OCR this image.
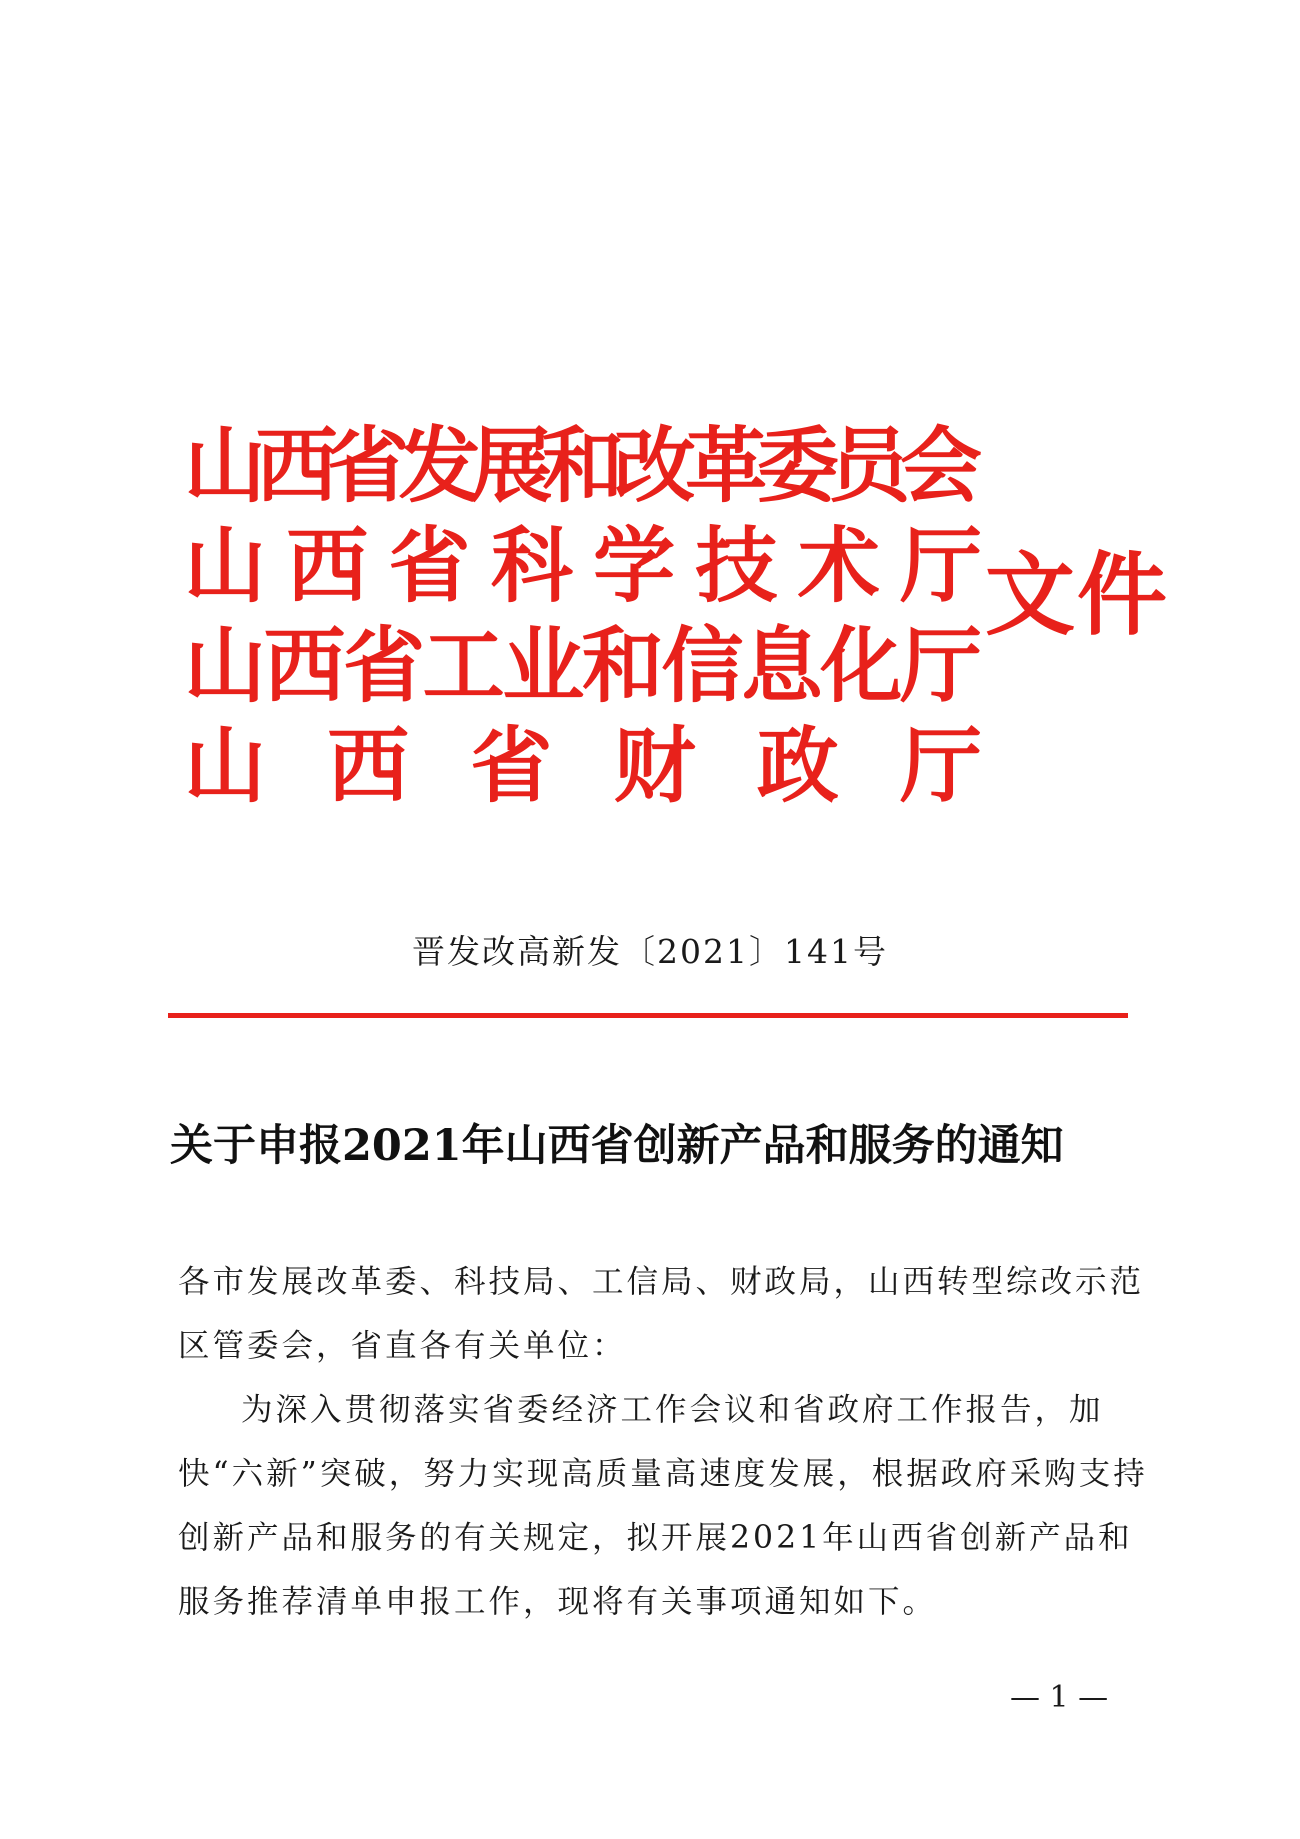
山
西
省
发
展
和
改
革
委
员
会
山 西 省 科 学 技 术 厅
山
西
省
工
业
和
信
息
化
厅
山 西 省 财 政 厅
文件
晋发改高新发〔2021〕141号
关于申报2021年山西省创新产品和服务的通知

各市发展改革委、科技局、工信局、财政局，山西转型综改示范区管委会，省直各有关单位：

为深入贯彻落实省委经济工作会议和省政府工作报告，加快“六新”突破，努力实现高质量高速度发展，根据政府采购支持创新产品和服务的有关规定，拟开展2021年山西省创新产品和服务推荐清单申报工作，现将有关事项通知如下。

— 1 —
